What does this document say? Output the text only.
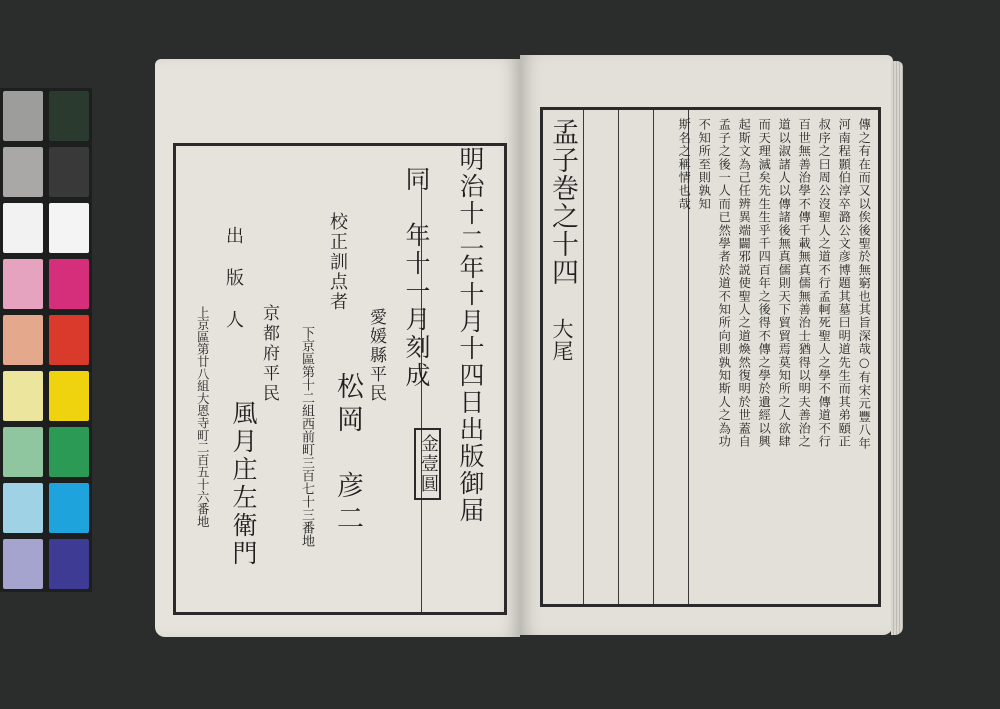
明治十二年十月十四日出版御届
同　年十一月刻成
金壹圓
愛媛縣平民
校正訓点者
松岡　彦二
下京區第十二組西前町三百七十三番地
出　版　人
京都府平民
風月庄左衛門
上京區第廿八組大恩寺町二百五十六番地
孟子巻之十四
大尾	傳之有在而又以俟後聖於無窮也其旨深哉○有宋元豐八年
河南程顥伯淳卒潞公文彦博題其墓曰明道先生而其弟頤正
叔序之曰周公沒聖人之道不行孟軻死聖人之學不傳道不行
百世無善治學不傳千載無真儒無善治士猶得以明夫善治之
道以淑諸人以傳諸後無真儒則天下貿貿焉莫知所之人欲肆
而天理滅矣先生生乎千四百年之後得不傳之學於遺經以興
起斯文為己任辨異端闢邪説使聖人之道煥然復明於世蓋自
孟子之後一人而已然學者於道不知所向則孰知斯人之為功
不知所至則孰知
斯名之稱情也哉
